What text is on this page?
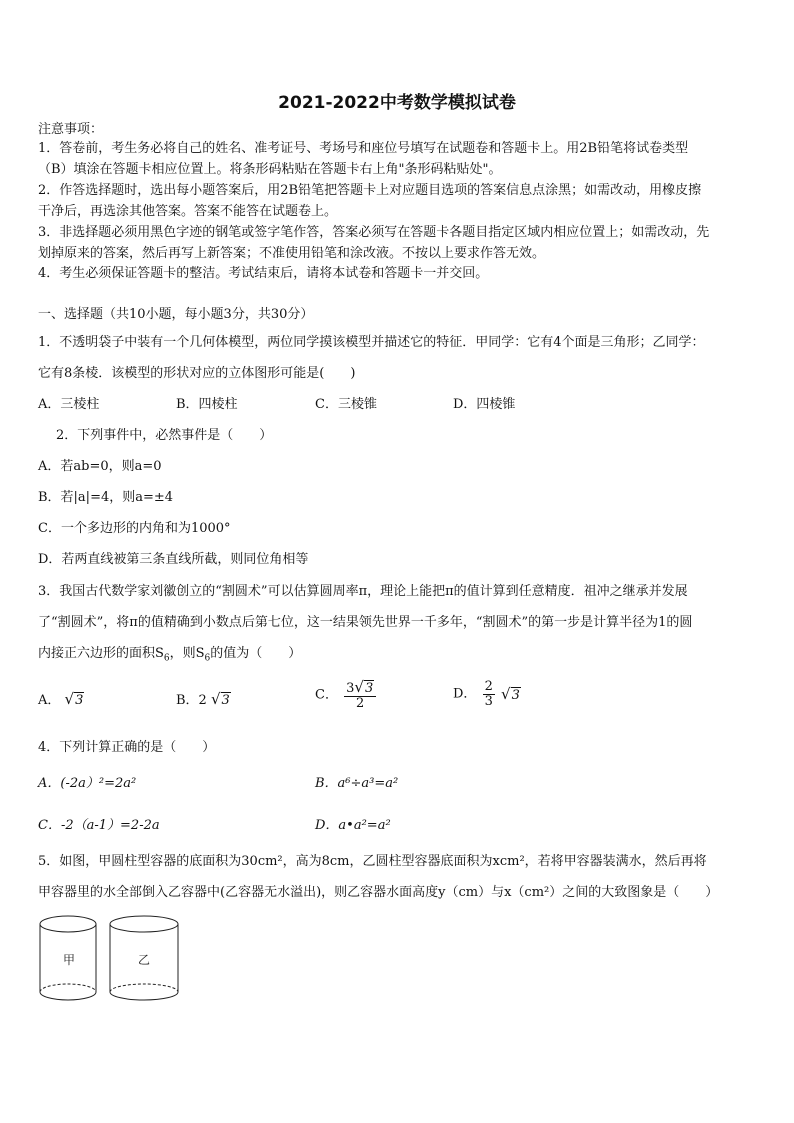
2021-2022中考数学模拟试卷
注意事项：
1．答卷前，考生务必将自己的姓名、准考证号、考场号和座位号填写在试题卷和答题卡上。用2B铅笔将试卷类型
（B）填涂在答题卡相应位置上。将条形码粘贴在答题卡右上角"条形码粘贴处"。
2．作答选择题时，选出每小题答案后，用2B铅笔把答题卡上对应题目选项的答案信息点涂黑；如需改动，用橡皮擦
干净后，再选涂其他答案。答案不能答在试题卷上。
3．非选择题必须用黑色字迹的钢笔或签字笔作答，答案必须写在答题卡各题目指定区域内相应位置上；如需改动，先
划掉原来的答案，然后再写上新答案；不准使用铅笔和涂改液。不按以上要求作答无效。
4．考生必须保证答题卡的整洁。考试结束后，请将本试卷和答题卡一并交回。
一、选择题（共10小题，每小题3分，共30分）
1．不透明袋子中装有一个几何体模型，两位同学摸该模型并描述它的特征．甲同学：它有4个面是三角形；乙同学：
它有8条棱．该模型的形状对应的立体图形可能是(　　)
A．三棱柱	B．四棱柱	C．三棱锥	D．四棱锥
2．下列事件中，必然事件是（　　）
A．若ab=0，则a=0
B．若|a|=4，则a=±4
C．一个多边形的内角和为1000°
D．若两直线被第三条直线所截，则同位角相等
3．我国古代数学家刘徽创立的“割圆术”可以估算圆周率π，理论上能把π的值计算到任意精度．祖冲之继承并发展
了“割圆术”，将π的值精确到小数点后第七位，这一结果领先世界一千多年，“割圆术”的第一步是计算半径为1的圆
内接正六边形的面积$S_6$，则$S_6$的值为（　　）
A． √3	B．2 √3	C． $\frac{3√3}{2}$	D． $\frac{2}{3} √3$
4．下列计算正确的是（　　）
A．(-2a）²=2a²	B．a⁶÷a³=a²
C．-2（a-1）=2-2a	D．a•a²=a²
5．如图，甲圆柱型容器的底面积为30cm²，高为8cm，乙圆柱型容器底面积为xcm²，若将甲容器装满水，然后再将
甲容器里的水全部倒入乙容器中(乙容器无水溢出)，则乙容器水面高度y（cm）与x（cm²）之间的大致图象是（　　）
甲	乙
